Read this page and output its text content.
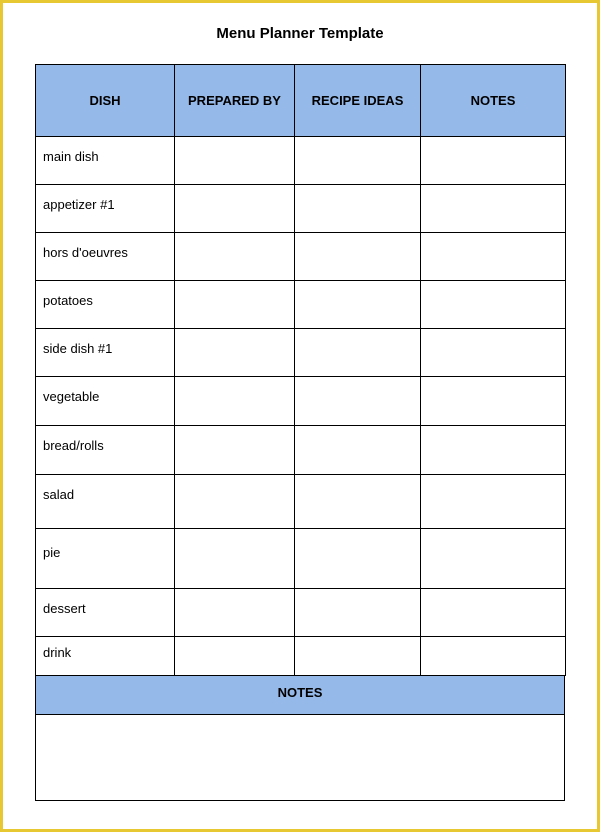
Menu Planner Template
DISH	PREPARED BY	RECIPE IDEAS	NOTES
main dish			
appetizer #1			
hors d'oeuvres			
potatoes			
side dish #1			
vegetable			
bread/rolls			
salad			
pie			
dessert			
drink			
NOTES
